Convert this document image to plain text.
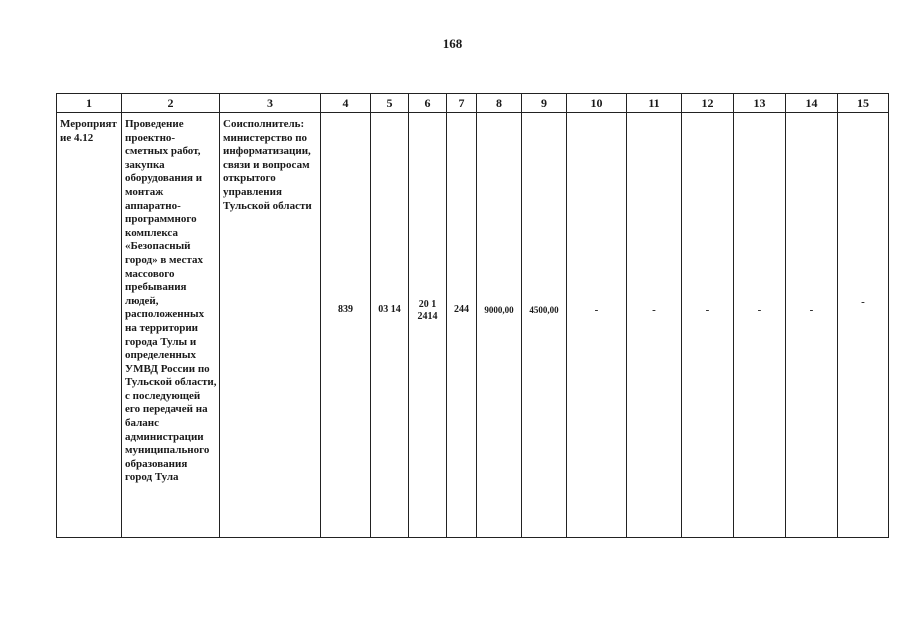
168
1	2	3	4	5	6	7	8	9	10	11	12	13	14	15

Мероприятие 4.12	Проведение проектно-сметных работ, закупка оборудования и монтаж аппаратно-программного комплекса «Безопасный город» в местах массового пребывания людей, расположенных на территории города Тулы и определенных УМВД России по Тульской области, с последующей его передачей на баланс администрации муниципального образования город Тула	Соисполнитель: министерство по информатизации, связи и вопросам открытого управления Тульской области	839	03 14	20 1 2414	244	9000,00	4500,00	-	-	-	-	-	-
